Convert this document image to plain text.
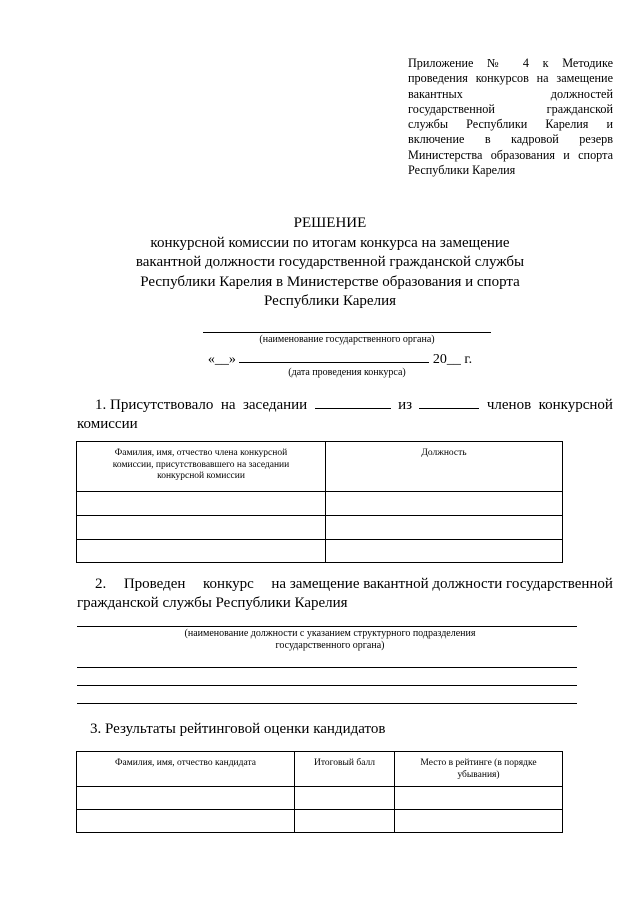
Приложение № 4 к Методике
проведения конкурсов на замещение
вакантных должностей
государственной гражданской
службы Республики Карелия и
включение в кадровой резерв
Министерства образования и спорта
Республики Карелия
РЕШЕНИЕ
конкурсной комиссии по итогам конкурса на замещение
вакантной должности государственной гражданской службы
Республики Карелия в Министерстве образования и спорта
Республики Карелия
(наименование государственного органа)
«__»	20__ г.
(дата проведения конкурса)
1. Присутствовало на заседании	из	членов конкурсной
комиссии
Фамилия, имя, отчество члена конкурсной комиссии, присутствовавшего на заседании конкурсной комиссии	Должность

2. Проведен конкурс на замещение вакантной должности государственной
гражданской службы Республики Карелия
(наименование должности с указанием структурного подразделения государственного органа)
3. Результаты рейтинговой оценки кандидатов
Фамилия, имя, отчество кандидата	Итоговый балл	Место в рейтинге (в порядке убывания)
